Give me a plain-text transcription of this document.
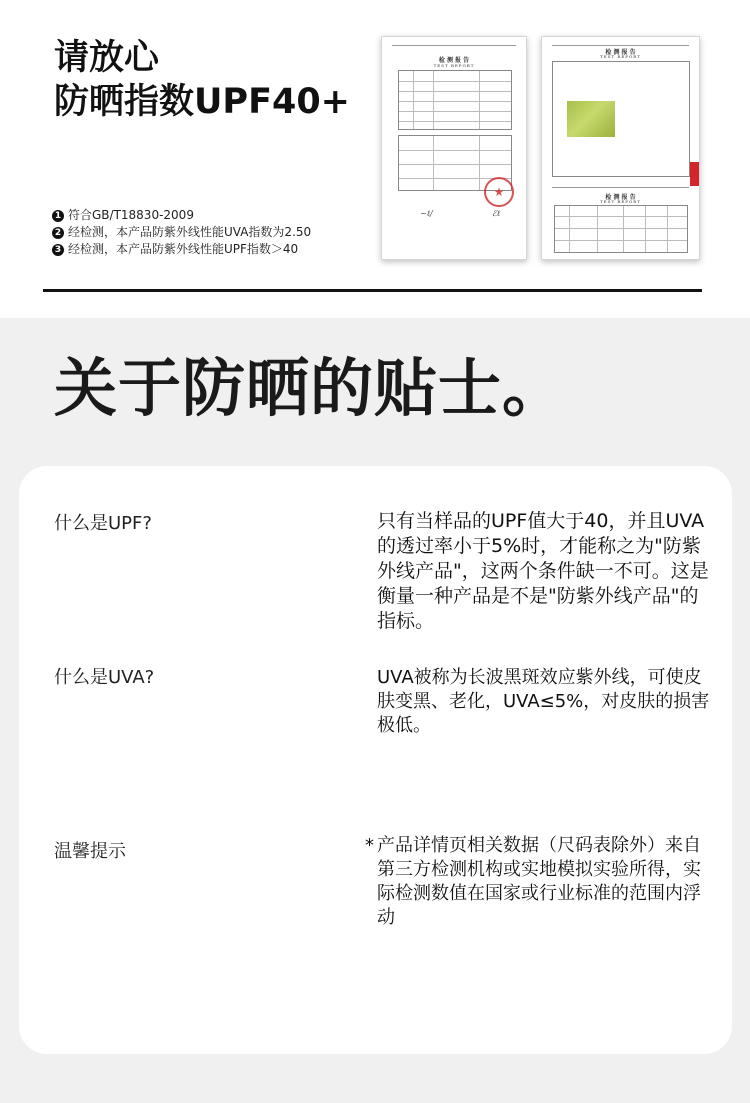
请放心
防晒指数UPF40+
1 符合GB/T18830-2009
2 经检测，本产品防紫外线性能UVA指数为2.50
3 经检测，本产品防紫外线性能UPF指数＞40
检 测 报 告
TEST REPORT
★
~ℓ/	ℰℓ
检 测 报 告
TEST REPORT
检 测 报 告
TEST REPORT
关于防晒的贴士。
什么是UPF?	只有当样品的UPF值大于40，并且UVA的透过率小于5%时，才能称之为"防紫外线产品"，这两个条件缺一不可。这是衡量一种产品是不是"防紫外线产品"的指标。
什么是UVA?	UVA被称为长波黑斑效应紫外线，可使皮肤变黑、老化，UVA≤5%，对皮肤的损害极低。
温馨提示	* 产品详情页相关数据（尺码表除外）来自第三方检测机构或实地模拟实验所得，实际检测数值在国家或行业标准的范围内浮动
